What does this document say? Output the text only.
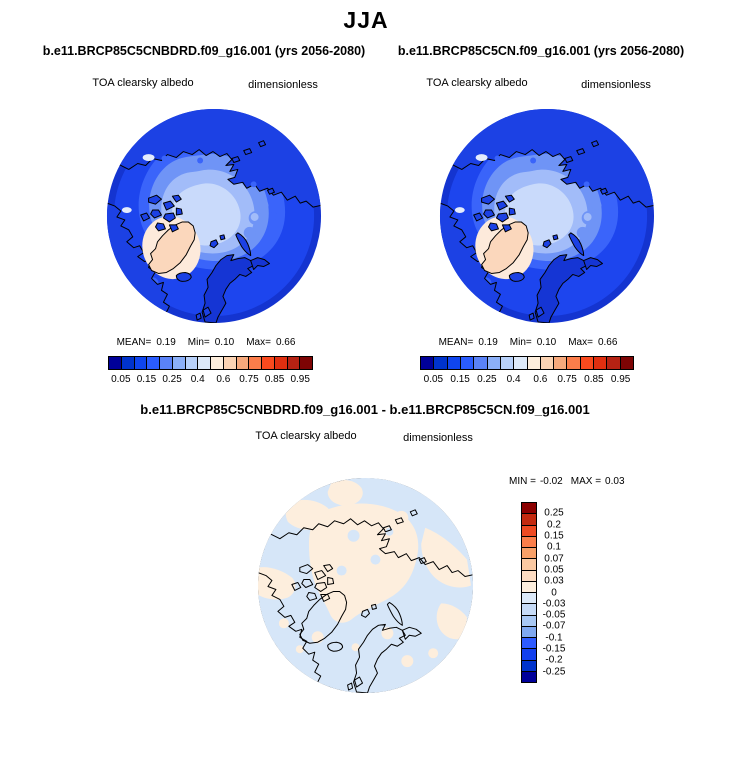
JJA
b.e11.BRCP85C5CNBDRD.f09_g16.001 (yrs 2056-2080)
TOA clearsky albedo	dimensionless
MEAN= 0.19 Min= 0.10 Max= 0.66
0.05 0.15 0.25 0.4 0.6 0.75 0.85 0.95
b.e11.BRCP85C5CN.f09_g16.001 (yrs 2056-2080)
TOA clearsky albedo	dimensionless
MEAN= 0.19 Min= 0.10 Max= 0.66
0.05 0.15 0.25 0.4 0.6 0.75 0.85 0.95
b.e11.BRCP85C5CNBDRD.f09_g16.001 - b.e11.BRCP85C5CN.f09_g16.001
TOA clearsky albedo	dimensionless
MIN = -0.02 MAX = 0.03
0.25
0.2
0.15
0.1
0.07
0.05
0.03
0
-0.03
-0.05
-0.07
-0.1
-0.15
-0.2
-0.25
